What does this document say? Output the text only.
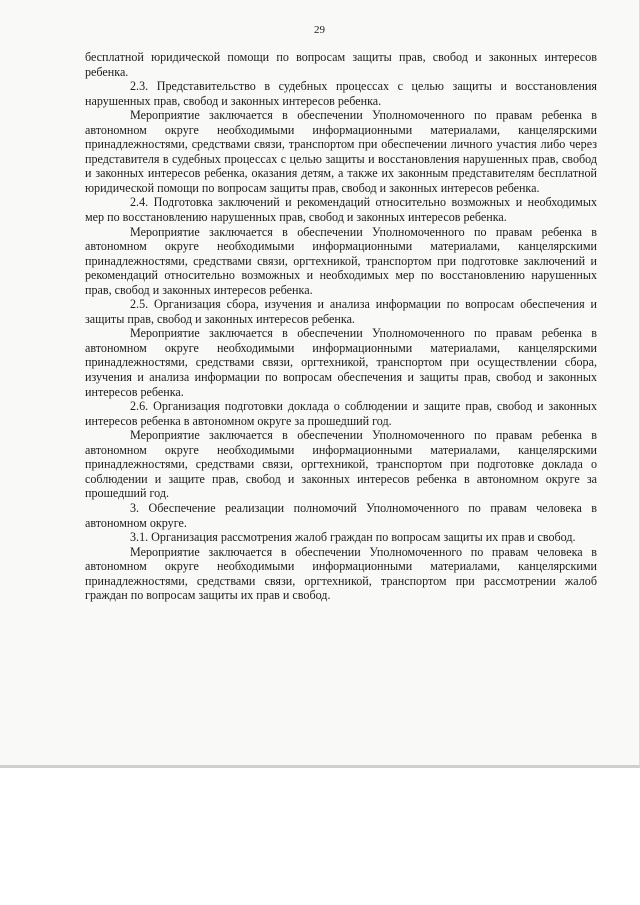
29

бесплатной юридической помощи по вопросам защиты прав, свобод и законных интересов ребенка.

2.3. Представительство в судебных процессах с целью защиты и восстановления нарушенных прав, свобод и законных интересов ребенка.

Мероприятие заключается в обеспечении Уполномоченного по правам ребенка в автономном округе необходимыми информационными материалами, канцелярскими принадлежностями, средствами связи, транспортом при обеспечении личного участия либо через представителя в судебных процессах с целью защиты и восстановления нарушенных прав, свобод и законных интересов ребенка, оказания детям, а также их законным представителям бесплатной юридической помощи по вопросам защиты прав, свобод и законных интересов ребенка.

2.4. Подготовка заключений и рекомендаций относительно возможных и необходимых мер по восстановлению нарушенных прав, свобод и законных интересов ребенка.

Мероприятие заключается в обеспечении Уполномоченного по правам ребенка в автономном округе необходимыми информационными материалами, канцелярскими принадлежностями, средствами связи, оргтехникой, транспортом при подготовке заключений и рекомендаций относительно возможных и необходимых мер по восстановлению нарушенных прав, свобод и законных интересов ребенка.

2.5. Организация сбора, изучения и анализа информации по вопросам обеспечения и защиты прав, свобод и законных интересов ребенка.

Мероприятие заключается в обеспечении Уполномоченного по правам ребенка в автономном округе необходимыми информационными материалами, канцелярскими принадлежностями, средствами связи, оргтехникой, транспортом при осуществлении сбора, изучения и анализа информации по вопросам обеспечения и защиты прав, свобод и законных интересов ребенка.

2.6. Организация подготовки доклада о соблюдении и защите прав, свобод и законных интересов ребенка в автономном округе за прошедший год.

Мероприятие заключается в обеспечении Уполномоченного по правам ребенка в автономном округе необходимыми информационными материалами, канцелярскими принадлежностями, средствами связи, оргтехникой, транспортом при подготовке доклада о соблюдении и защите прав, свобод и законных интересов ребенка в автономном округе за прошедший год.

3. Обеспечение реализации полномочий Уполномоченного по правам человека в автономном округе.

3.1. Организация рассмотрения жалоб граждан по вопросам защиты их прав и свобод.

Мероприятие заключается в обеспечении Уполномоченного по правам человека в автономном округе необходимыми информационными материалами, канцелярскими принадлежностями, средствами связи, оргтехникой, транспортом при рассмотрении жалоб граждан по вопросам защиты их прав и свобод.
